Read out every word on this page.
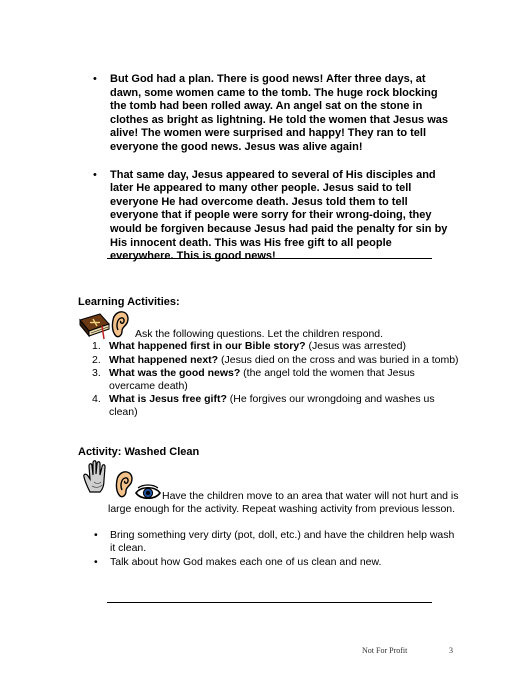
• But God had a plan. There is good news! After three days, at dawn, some women came to the tomb. The huge rock blocking the tomb had been rolled away. An angel sat on the stone in clothes as bright as lightning. He told the women that Jesus was alive! The women were surprised and happy! They ran to tell everyone the good news. Jesus was alive again!
• That same day, Jesus appeared to several of His disciples and later He appeared to many other people. Jesus said to tell everyone He had overcome death. Jesus told them to tell everyone that if people were sorry for their wrong-doing, they would be forgiven because Jesus had paid the penalty for sin by His innocent death. This was His free gift to all people everywhere. This is good news!
Learning Activities:
Ask the following questions. Let the children respond.
1. What happened first in our Bible story? (Jesus was arrested)
2. What happened next? (Jesus died on the cross and was buried in a tomb)
3. What was the good news? (the angel told the women that Jesus overcame death)
4. What is Jesus free gift? (He forgives our wrongdoing and washes us clean)
Activity: Washed Clean
Have the children move to an area that water will not hurt and is large enough for the activity. Repeat washing activity from previous lesson.
• Bring something very dirty (pot, doll, etc.) and have the children help wash it clean.
• Talk about how God makes each one of us clean and new.
Not For Profit	3
